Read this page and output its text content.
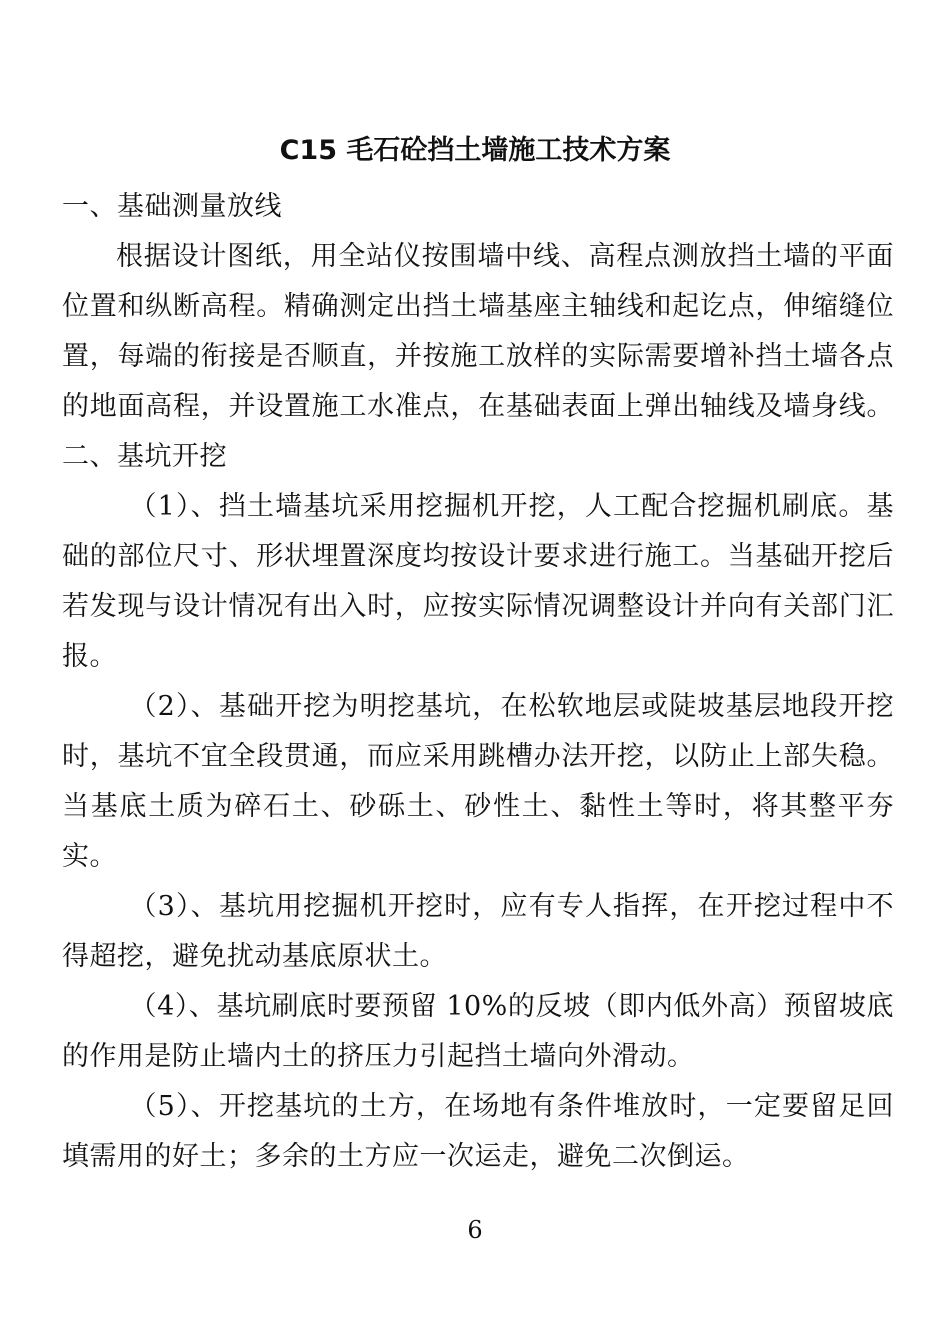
C15 毛石砼挡土墙施工技术方案

一、基础测量放线

根据设计图纸，用全站仪按围墙中线、高程点测放挡土墙的平面位置和纵断高程。精确测定出挡土墙基座主轴线和起讫点，伸缩缝位置，每端的衔接是否顺直，并按施工放样的实际需要增补挡土墙各点的地面高程，并设置施工水准点，在基础表面上弹出轴线及墙身线。二、基坑开挖

（1）、挡土墙基坑采用挖掘机开挖，人工配合挖掘机刷底。基础的部位尺寸、形状埋置深度均按设计要求进行施工。当基础开挖后若发现与设计情况有出入时，应按实际情况调整设计并向有关部门汇报。

（2）、基础开挖为明挖基坑，在松软地层或陡坡基层地段开挖时，基坑不宜全段贯通，而应采用跳槽办法开挖，以防止上部失稳。当基底土质为碎石土、砂砾土、砂性土、黏性土等时，将其整平夯实。

（3）、基坑用挖掘机开挖时，应有专人指挥，在开挖过程中不得超挖，避免扰动基底原状土。

（4）、基坑刷底时要预留 10%的反坡（即内低外高）预留坡底的作用是防止墙内土的挤压力引起挡土墙向外滑动。

（5）、开挖基坑的土方，在场地有条件堆放时，一定要留足回填需用的好土；多余的土方应一次运走，避免二次倒运。

6
